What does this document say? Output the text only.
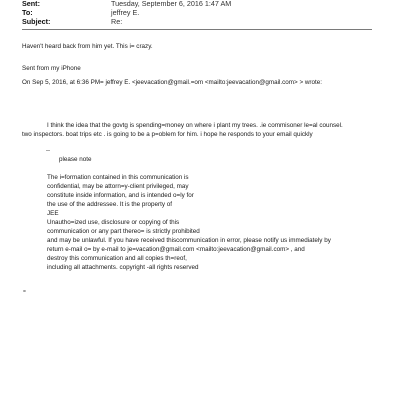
Sent:	Tuesday, September 6, 2016 1:47 AM
To:	jeffrey E.
Subject:	Re:
Haven't heard back from him yet. This i= crazy.
Sent from my iPhone
On Sep 5, 2016, at 6:36 PM= jeffrey E. <jeevacation@gmail.=om <mailto:jeevacation@gmail.com> > wrote:
I think the idea that the govtg is spending=money on where i plant my trees. .ie commisoner le=al counsel.
two inspectors. boat trips etc . is going to be a p=oblem for him. i hope he responds to your email quickly
--
please note
The i=formation contained in this communication is
confidential, may be attorn=y-client privileged, may
constitute inside information, and is intended o=ly for
the use of the addressee. It is the property of
JEE
Unautho=ized use, disclosure or copying of this
communication or any part thereo= is strictly prohibited
and may be unlawful. If you have received thiscommunication in error, please notify us immediately by
return e-mail o= by e-mail to je=vacation@gmail.com <mailto:jeevacation@gmail.com> , and
destroy this communication and all copies th=reof,
including all attachments. copyright -all rights reserved
=
